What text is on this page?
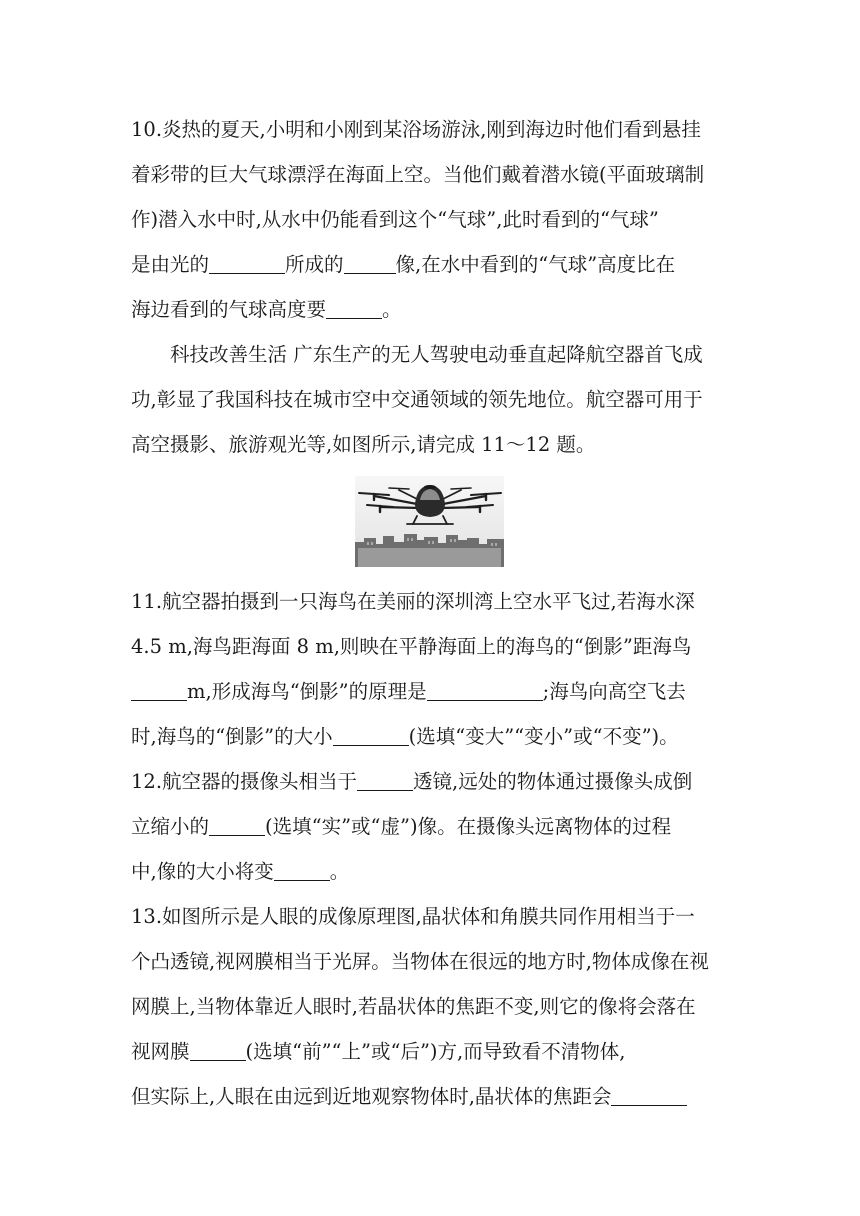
10.炎热的夏天,小明和小刚到某浴场游泳,刚到海边时他们看到悬挂
着彩带的巨大气球漂浮在海面上空。当他们戴着潜水镜(平面玻璃制
作)潜入水中时,从水中仍能看到这个“气球”,此时看到的“气球”
是由光的	所成的	像,在水中看到的“气球”高度比在
海边看到的气球高度要	。
科技改善生活 广东生产的无人驾驶电动垂直起降航空器首飞成
功,彰显了我国科技在城市空中交通领域的领先地位。航空器可用于
高空摄影、旅游观光等,如图所示,请完成 11～12 题。
11.航空器拍摄到一只海鸟在美丽的深圳湾上空水平飞过,若海水深
4.5 m,海鸟距海面 8 m,则映在平静海面上的海鸟的“倒影”距海鸟
m,形成海鸟“倒影”的原理是	;海鸟向高空飞去
时,海鸟的“倒影”的大小	(选填“变大”“变小”或“不变”)。
12.航空器的摄像头相当于	透镜,远处的物体通过摄像头成倒
立缩小的	(选填“实”或“虚”)像。在摄像头远离物体的过程
中,像的大小将变	。
13.如图所示是人眼的成像原理图,晶状体和角膜共同作用相当于一
个凸透镜,视网膜相当于光屏。当物体在很远的地方时,物体成像在视
网膜上,当物体靠近人眼时,若晶状体的焦距不变,则它的像将会落在
视网膜	(选填“前”“上”或“后”)方,而导致看不清物体,
但实际上,人眼在由远到近地观察物体时,晶状体的焦距会
